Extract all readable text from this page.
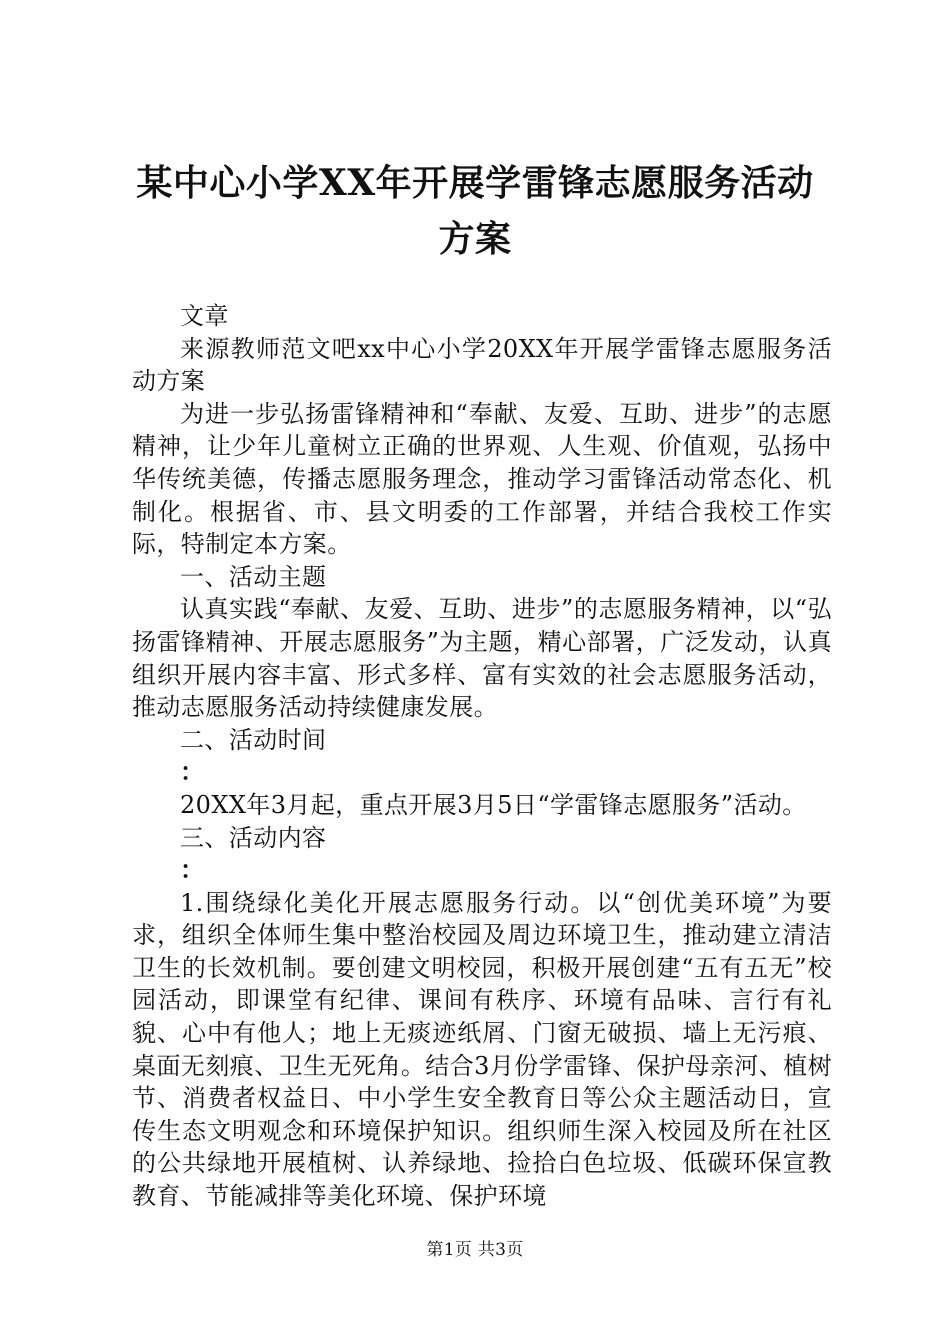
某中心小学XX年开展学雷锋志愿服务活动方案

文章

来源教师范文吧xx中心小学20XX年开展学雷锋志愿服务活动方案

为进一步弘扬雷锋精神和“奉献、友爱、互助、进步”的志愿精神，让少年儿童树立正确的世界观、人生观、价值观，弘扬中华传统美德，传播志愿服务理念，推动学习雷锋活动常态化、机制化。根据省、市、县文明委的工作部署，并结合我校工作实际，特制定本方案。

一、活动主题

认真实践“奉献、友爱、互助、进步”的志愿服务精神，以“弘扬雷锋精神、开展志愿服务”为主题，精心部署，广泛发动，认真组织开展内容丰富、形式多样、富有实效的社会志愿服务活动，推动志愿服务活动持续健康发展。

二、活动时间

：

20XX年3月起，重点开展3月5日“学雷锋志愿服务”活动。

三、活动内容

：

1.围绕绿化美化开展志愿服务行动。以“创优美环境”为要求，组织全体师生集中整治校园及周边环境卫生，推动建立清洁卫生的长效机制。要创建文明校园，积极开展创建“五有五无”校园活动，即课堂有纪律、课间有秩序、环境有品味、言行有礼貌、心中有他人；地上无痰迹纸屑、门窗无破损、墙上无污痕、桌面无刻痕、卫生无死角。结合3月份学雷锋、保护母亲河、植树节、消费者权益日、中小学生安全教育日等公众主题活动日，宣传生态文明观念和环境保护知识。组织师生深入校园及所在社区的公共绿地开展植树、认养绿地、捡拾白色垃圾、低碳环保宣教教育、节能减排等美化环境、保护环境

第1页 共3页
